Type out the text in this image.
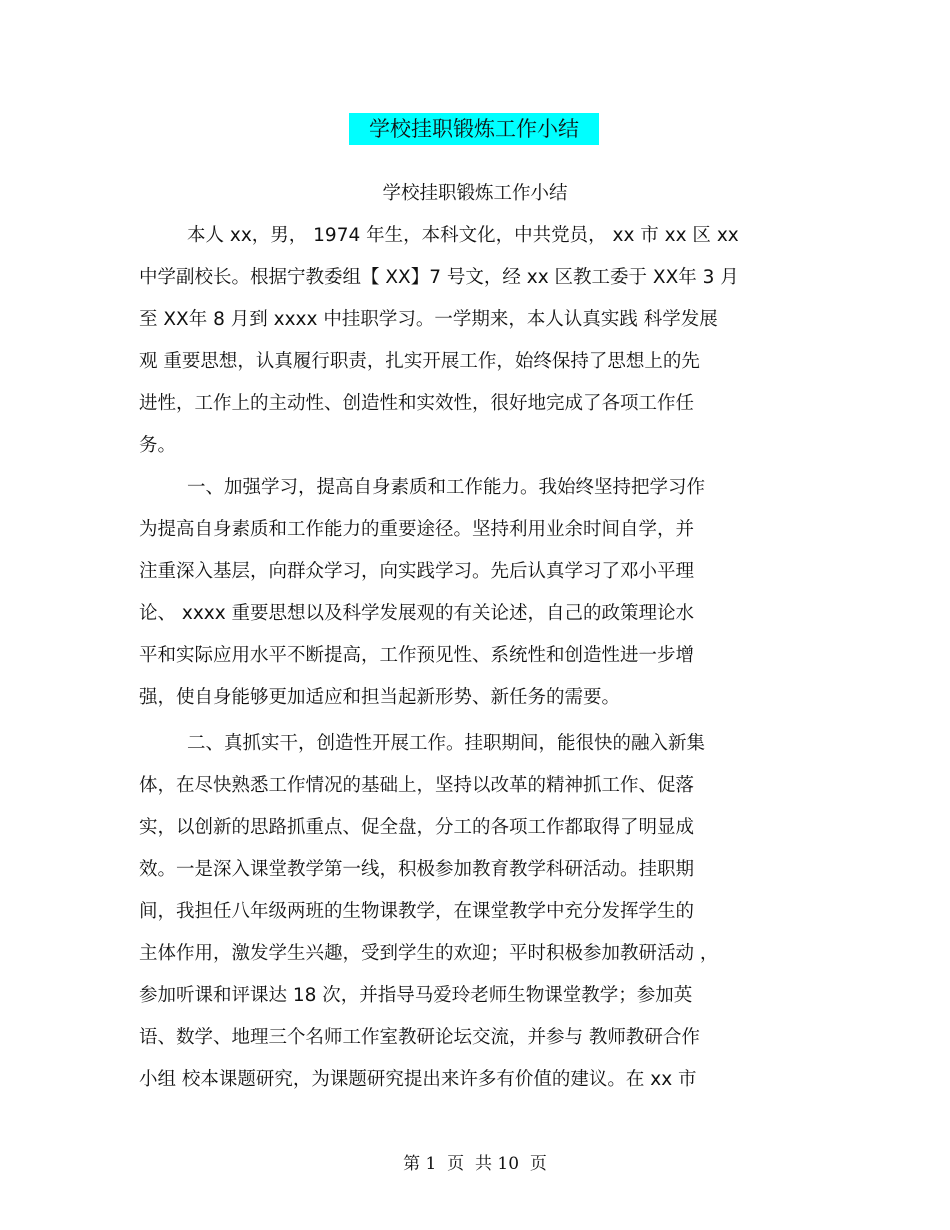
学校挂职锻炼工作小结
学校挂职锻炼工作小结
本人 xx，男， 1974 年生，本科文化，中共党员， xx 市 xx 区 xx
中学副校长。根据宁教委组【 XX】7 号文，经 xx 区教工委于 XX年 3 月
至 XX年 8 月到 xxxx 中挂职学习。一学期来，本人认真实践 科学发展
观 重要思想，认真履行职责，扎实开展工作，始终保持了思想上的先
进性，工作上的主动性、创造性和实效性，很好地完成了各项工作任
务。
一、加强学习，提高自身素质和工作能力。我始终坚持把学习作
为提高自身素质和工作能力的重要途径。坚持利用业余时间自学，并
注重深入基层，向群众学习，向实践学习。先后认真学习了邓小平理
论、 xxxx 重要思想以及科学发展观的有关论述，自己的政策理论水
平和实际应用水平不断提高，工作预见性、系统性和创造性进一步增
强，使自身能够更加适应和担当起新形势、新任务的需要。
二、真抓实干，创造性开展工作。挂职期间，能很快的融入新集
体，在尽快熟悉工作情况的基础上，坚持以改革的精神抓工作、促落
实，以创新的思路抓重点、促全盘，分工的各项工作都取得了明显成
效。一是深入课堂教学第一线，积极参加教育教学科研活动。挂职期
间，我担任八年级两班的生物课教学，在课堂教学中充分发挥学生的
主体作用，激发学生兴趣，受到学生的欢迎；平时积极参加教研活动 ，
参加听课和评课达 18 次，并指导马爱玲老师生物课堂教学；参加英
语、数学、地理三个名师工作室教研论坛交流，并参与 教师教研合作
小组 校本课题研究，为课题研究提出来许多有价值的建议。在 xx 市
第 1  页  共 10  页
